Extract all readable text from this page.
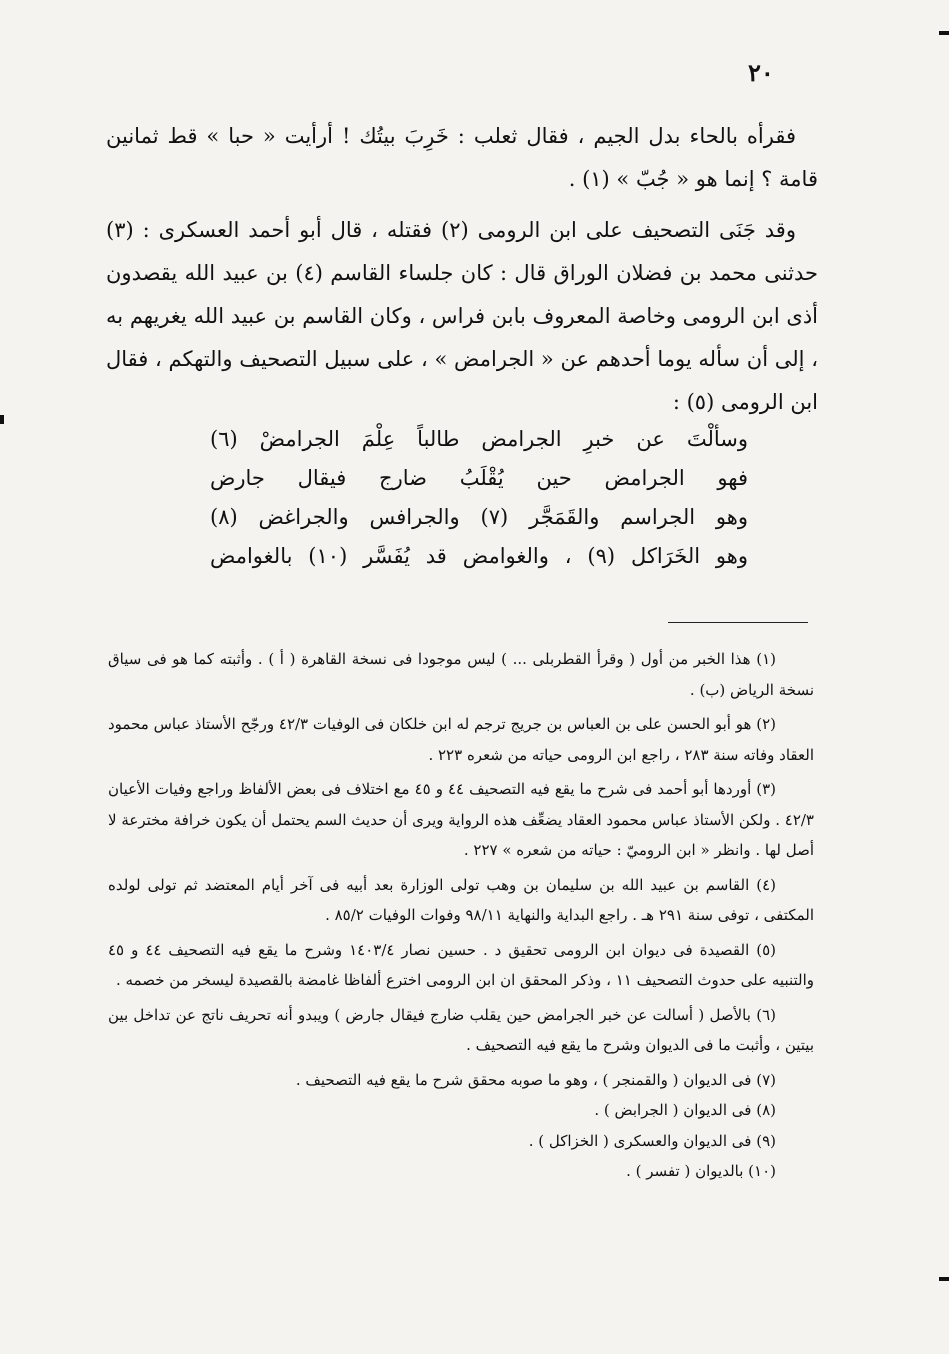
٢٠

فقرأه بالحاء بدل الجيم ، فقال ثعلب : خَرِبَ بيتُك ! أرأيت « حبا » قط ثمانين قامة ؟ إنما هو « جُبّ » (١) .

وقد جَنَى التصحيف على ابن الرومى (٢) فقتله ، قال أبو أحمد العسكرى : (٣) حدثنى محمد بن فضلان الوراق قال : كان جلساء القاسم (٤) بن عبيد الله يقصدون أذى ابن الرومى وخاصة المعروف بابن فراس ، وكان القاسم بن عبيد الله يغريهم به ، إلى أن سأله يوما أحدهم عن « الجرامض » ، على سبيل التصحيف والتهكم ، فقال ابن الرومى (٥) :

وسألْتَ عن خبرِ الجرامض طالباً عِلْمَ الجرامضْ (٦)
فهو الجرامض حين يُقْلَبُ ضارج فيقال جارض
وهو الجراسم والقَمَجَّر (٧) والجرافس والجراغض (٨)
وهو الخَرَاكل (٩) ، والغوامض قد يُفَسَّر (١٠) بالغوامض

(١) هذا الخبر من أول ( وقرأ القطربلى ... ) ليس موجودا فى نسخة القاهرة ( أ ) . وأثبته كما هو فى سياق نسخة الرياض (ب) .

(٢) هو أبو الحسن على بن العباس بن جريج ترجم له ابن خلكان فى الوفيات ٤٢/٣ ورجّح الأستاذ عباس محمود العقاد وفاته سنة ٢٨٣ ، راجع ابن الرومى حياته من شعره ٢٢٣ .

(٣) أوردها أبو أحمد فى شرح ما يقع فيه التصحيف ٤٤ و ٤٥ مع اختلاف فى بعض الألفاظ وراجع وفيات الأعيان ٤٢/٣ . ولكن الأستاذ عباس محمود العقاد يضعِّف هذه الرواية ويرى أن حديث السم يحتمل أن يكون خرافة مخترعة لا أصل لها . وانظر « ابن الروميّ : حياته من شعره » ٢٢٧ .

(٤) القاسم بن عبيد الله بن سليمان بن وهب تولى الوزارة بعد أبيه فى آخر أيام المعتضد ثم تولى لولده المكتفى ، توفى سنة ٢٩١ هـ . راجع البداية والنهاية ٩٨/١١ وفوات الوفيات ٨٥/٢ .

(٥) القصيدة فى ديوان ابن الرومى تحقيق د . حسين نصار ١٤٠٣/٤ وشرح ما يقع فيه التصحيف ٤٤ و ٤٥ والتنبيه على حدوث التصحيف ١١ ، وذكر المحقق ان ابن الرومى اخترع ألفاظا غامضة بالقصيدة ليسخر من خصمه .

(٦) بالأصل ( أسالت عن خبر الجرامض حين يقلب ضارج فيقال جارض ) ويبدو أنه تحريف ناتج عن تداخل بين بيتين ، وأثبت ما فى الديوان وشرح ما يقع فيه التصحيف .

(٧) فى الديوان ( والقمنجر ) ، وهو ما صوبه محقق شرح ما يقع فيه التصحيف .

(٨) فى الديوان ( الجرابض ) .

(٩) فى الديوان والعسكرى ( الخزاكل ) .

(١٠) بالديوان ( تفسر ) .
